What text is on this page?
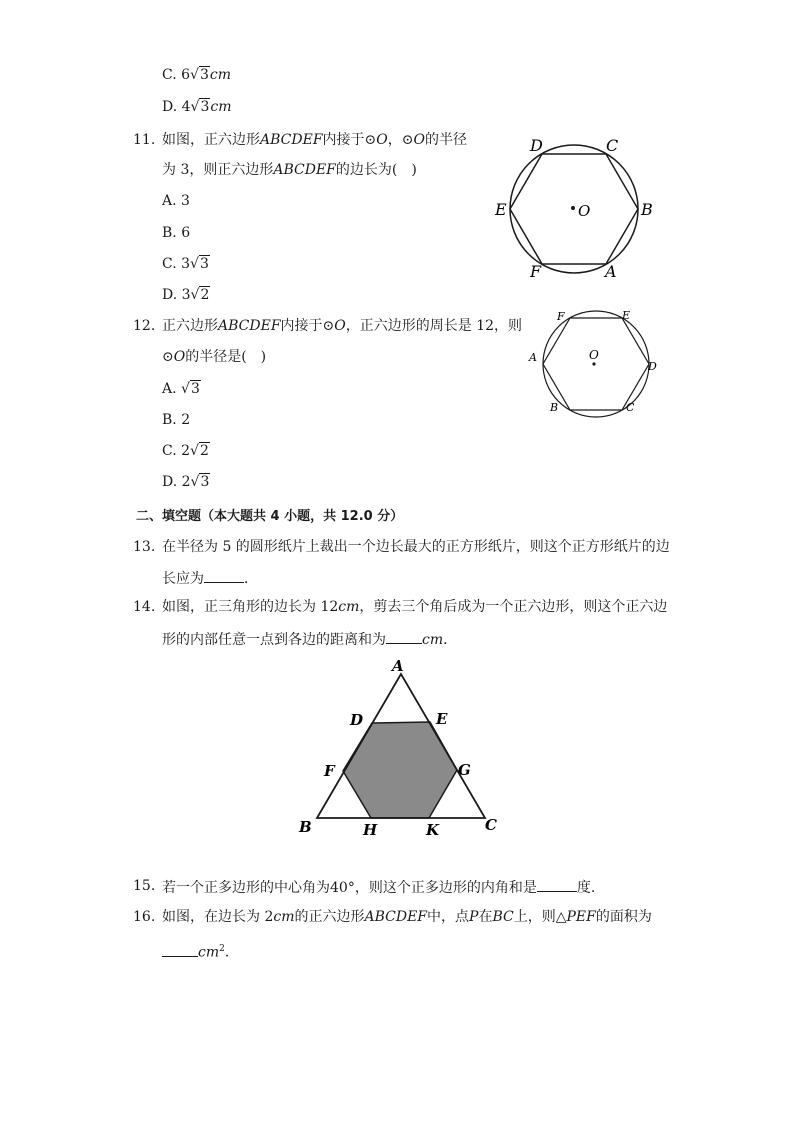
C. 6√3cm
D. 4√3cm
11. 如图，正六边形ABCDEF内接于⊙O，⊙O的半径
为 3，则正六边形ABCDEF的边长为(　)
A. 3
B. 6
C. 3√3
D. 3√2
O
D	C
E	B
F	A
12. 正六边形ABCDEF内接于⊙O，正六边形的周长是 12，则
⊙O的半径是(　)
A. √3
B. 2
C. 2√2
D. 2√3
O
F	E
A
D
B	C
二、填空题（本大题共 4 小题，共 12.0 分）
13. 在半径为 5 的圆形纸片上裁出一个边长最大的正方形纸片，则这个正方形纸片的边
长应为	．
14. 如图，正三角形的边长为 12cm，剪去三个角后成为一个正六边形，则这个正六边
形的内部任意一点到各边的距离和为	cm．
A
D	E
F	G
B	H	K	C
15. 若一个正多边形的中心角为40°，则这个正多边形的内角和是	度.
16. 如图，在边长为 2cm的正六边形ABCDEF中，点P在BC上，则△PEF的面积为
$cm^2$．
